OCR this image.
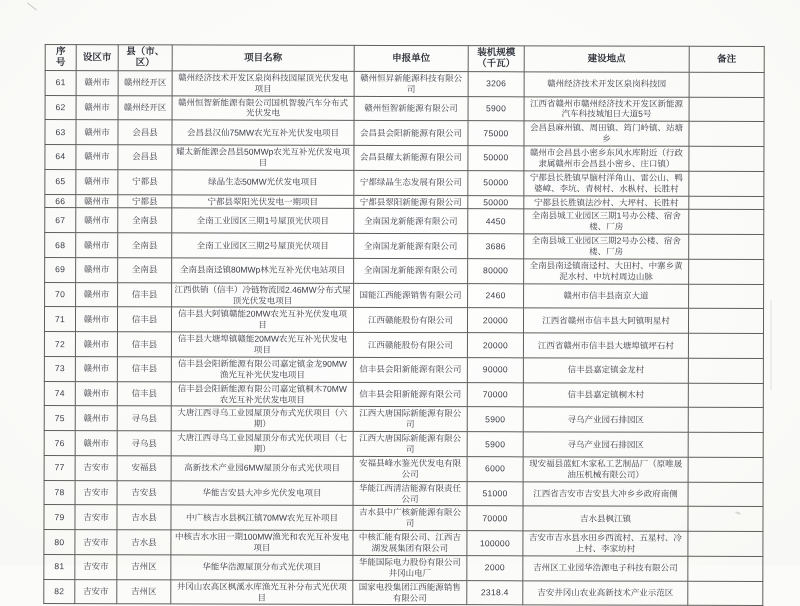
序
号	设区市	县（市、
区）	项目名称	申报单位	装机规模
（千瓦）	建设地点	备注
61	赣州市	赣州经开区	赣州经济技术开发区泉岗科技园屋顶光伏发电项目	赣州恒昇新能源科技有限公司	3206	赣州经济技术开发区泉岗科技园	
62	赣州市	赣州经开区	赣州恒智新能源有限公司国机智骏汽车分布式光伏发电	赣州恒智新能源有限公司	5900	江西省赣州市赣州经济技术开发区新能源汽车科技城旭日大道5号	
63	赣州市	会昌县	会昌县汉仙75MW农光互补光伏发电项目	会昌县会阳新能源有限公司	75000	会昌县麻州镇、周田镇、筠门岭镇、站塘乡	
64	赣州市	会昌县	耀太新能源会昌县50MWp农光互补光伏发电项目	会昌县耀太新能源有限公司	50000	赣州市会昌县小密乡东风水库附近（行政隶属赣州市会昌县小密乡、庄口镇）	
65	赣州市	宁都县	绿晶生态50MW光伏发电项目	宁都绿晶生态发展有限公司	50000	宁都县长胜镇早脑村洋角山、雷公山、鸭婆嶂、李坑、青树村、水枞村、长胜村	
66	赣州市	宁都县	宁都县翠阳光伏发电一期项目	宁都县翠阳新能源有限公司	50000	宁都县长胜镇法沙村、大坪村、长胜村	
67	赣州市	全南县	全南工业园区三期1号屋顶光伏项目	全南国龙新能源有限公司	4450	全南县城工业园区三期1号办公楼、宿舍楼、厂房	
68	赣州市	全南县	全南工业园区三期2号屋顶光伏项目	全南国龙新能源有限公司	3686	全南县城工业园区三期2号办公楼、宿舍楼、厂房	
69	赣州市	全南县	全南县南迳镇80MWp林光互补光伏电站项目	全南国龙新能源有限公司	80000	全南县南迳镇南迳村、大田村、中寨乡黄泥水村、中坑村周边山脉	
70	赣州市	信丰县	江西供销（信丰）冷链物流园2.46MW分布式屋顶光伏发电项目	国能江西能源销售有限公司	2460	赣州市信丰县南京大道	
71	赣州市	信丰县	信丰县大阿镇赣能20MW农光互补光伏发电项目	江西赣能股份有限公司	20000	江西省赣州市信丰县大阿镇明星村	
72	赣州市	信丰县	信丰县大塘埠镇赣能20MW农光互补光伏发电项目	江西赣能股份有限公司	20000	江西省赣州市信丰县大塘埠镇坪石村	
73	赣州市	信丰县	信丰县会阳新能源有限公司嘉定镇金龙90MW渔光互补光伏发电项目	信丰县会阳新能源有限公司	90000	信丰县嘉定镇金龙村	
74	赣州市	信丰县	信丰县会阳新能源有限公司嘉定镇桐木70MW农光互补光伏发电项目	信丰县会阳新能源有限公司	70000	信丰县嘉定镇桐木村	
75	赣州市	寻乌县	大唐江西寻乌工业园屋顶分布式光伏项目（六期）	江西大唐国际新能源有限公司	5900	寻乌产业园石排园区	
76	赣州市	寻乌县	大唐江西寻乌工业园屋顶分布式光伏项目（七期）	江西大唐国际新能源有限公司	5900	寻乌产业园石排园区	
77	吉安市	安福县	高新技术产业园6MW屋顶分布式光伏项目	安福县峰水鉴光伏发电有限公司	6000	现安福县蓝虹木家私工艺制品厂（原唯晟油压机械有限公司）	
78	吉安市	吉安县	华能吉安县大冲乡光伏发电项目	华能江西清洁能源有限责任公司	51000	江西省吉安市吉安县大冲乡乡政府南侧	
79	吉安市	吉水县	中广核吉水县枫江镇70MW农光互补项目	吉水县中广核新能源有限公司	70000	吉水县枫江镇	
80	吉安市	吉水县	中核吉水水田一期100MW渔光和农光互补发电项目	中核汇能有限公司、江西吉湖发展集团有限公司	100000	吉安市吉水县水田乡西流村、五星村、冷上村、李家坊村	
81	吉安市	吉州区	华能华浩源屋顶分布式光伏项目	华能国际电力股份有限公司井冈山电厂	2000	吉州区工业园华浩源电子科技有限公司	
82	吉安市	吉州区	井冈山农高区枫溪水库渔光互补分布式光伏项目	国家电投集团江西能源销售有限公司	2318.4	吉安井冈山农业高新技术产业示范区	
